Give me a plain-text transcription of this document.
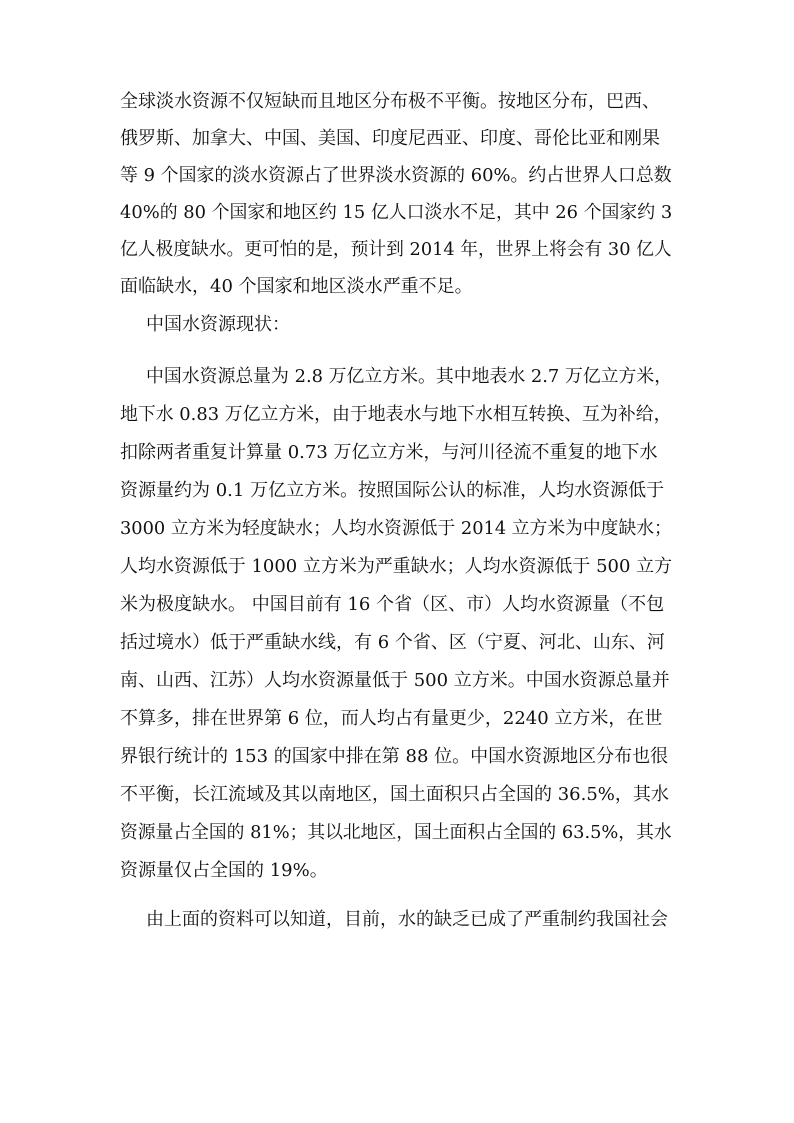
全球淡水资源不仅短缺而且地区分布极不平衡。按地区分布，巴西、
俄罗斯、加拿大、中国、美国、印度尼西亚、印度、哥伦比亚和刚果
等 9 个国家的淡水资源占了世界淡水资源的 60%。约占世界人口总数
40%的 80 个国家和地区约 15 亿人口淡水不足，其中 26 个国家约 3
亿人极度缺水。更可怕的是，预计到 2014 年，世界上将会有 30 亿人
面临缺水，40 个国家和地区淡水严重不足。
中国水资源现状：
中国水资源总量为 2.8 万亿立方米。其中地表水 2.7 万亿立方米，
地下水 0.83 万亿立方米，由于地表水与地下水相互转换、互为补给，
扣除两者重复计算量 0.73 万亿立方米，与河川径流不重复的地下水
资源量约为 0.1 万亿立方米。按照国际公认的标准，人均水资源低于
3000 立方米为轻度缺水；人均水资源低于 2014 立方米为中度缺水；
人均水资源低于 1000 立方米为严重缺水；人均水资源低于 500 立方
米为极度缺水。 中国目前有 16 个省（区、市）人均水资源量（不包
括过境水）低于严重缺水线，有 6 个省、区（宁夏、河北、山东、河
南、山西、江苏）人均水资源量低于 500 立方米。中国水资源总量并
不算多，排在世界第 6 位，而人均占有量更少，2240 立方米，在世
界银行统计的 153 的国家中排在第 88 位。中国水资源地区分布也很
不平衡，长江流域及其以南地区，国土面积只占全国的 36.5%，其水
资源量占全国的 81%；其以北地区，国土面积占全国的 63.5%，其水
资源量仅占全国的 19%。
由上面的资料可以知道，目前，水的缺乏已成了严重制约我国社会
